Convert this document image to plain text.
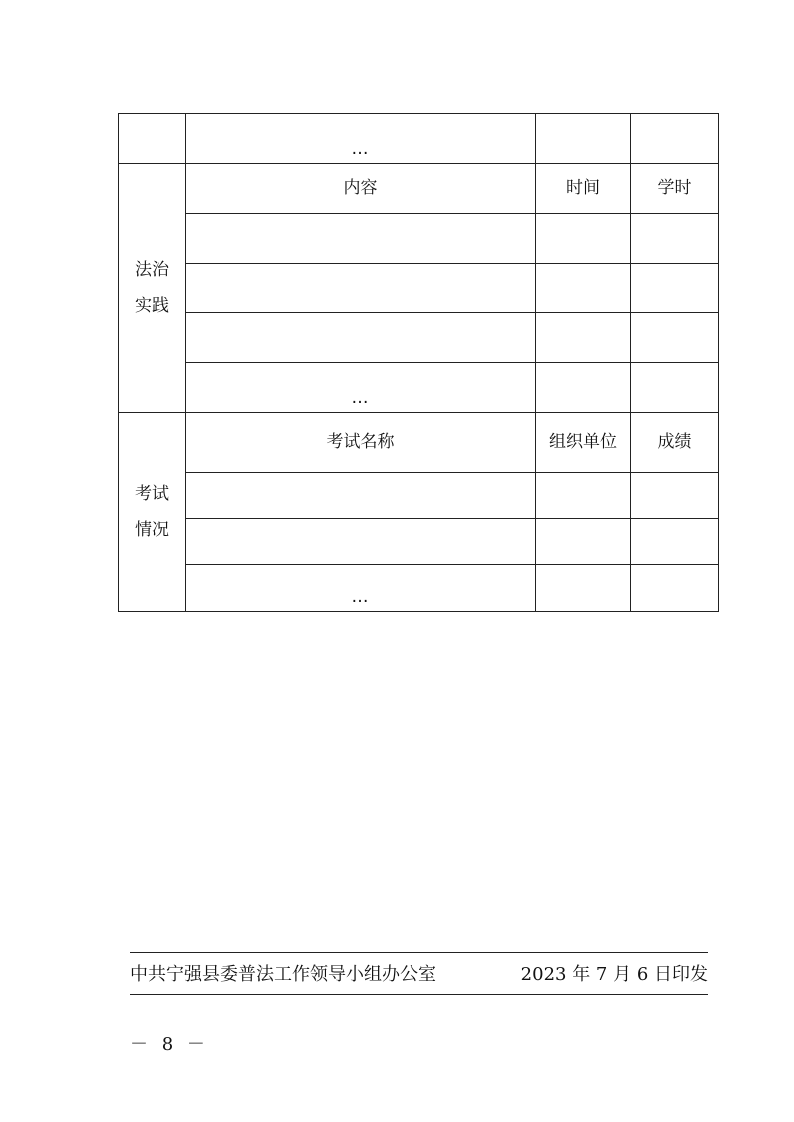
	…		

法治
实践	内容	时间	学时

	…		

考试
情况	考试名称	组织单位	成绩

	…		
中共宁强县委普法工作领导小组办公室	2023 年 7 月 6 日印发
－ 8 －
